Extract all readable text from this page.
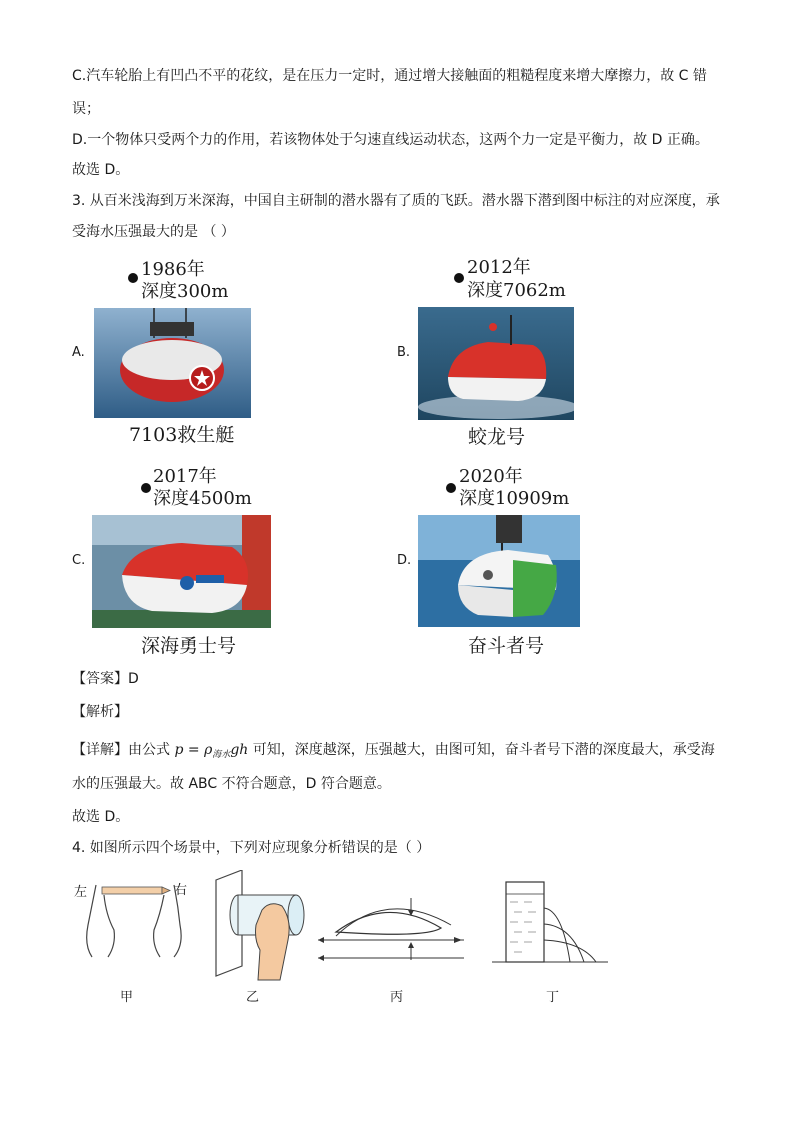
C.汽车轮胎上有凹凸不平的花纹，是在压力一定时，通过增大接触面的粗糙程度来增大摩擦力，故 C 错
误；
D.一个物体只受两个力的作用，若该物体处于匀速直线运动状态，这两个力一定是平衡力，故 D 正确。
故选 D。
3. 从百米浅海到万米深海，中国自主研制的潜水器有了质的飞跃。潜水器下潜到图中标注的对应深度，承
受海水压强最大的是 （ ）
1986年
深度300m
A.
7103救生艇
2012年
深度7062m
B.
蛟龙号
2017年
深度4500m
C.
深海勇士号
2020年
深度10909m
D.
奋斗者号
【答案】D
【解析】
【详解】由公式 $p = \rho_{海水}gh$ 可知，深度越深，压强越大，由图可知，奋斗者号下潜的深度最大，承受海
水的压强最大。故 ABC 不符合题意，D 符合题意。
故选 D。
4. 如图所示四个场景中，下列对应现象分析错误的是（ ）
左	右
甲	乙	丙	丁
